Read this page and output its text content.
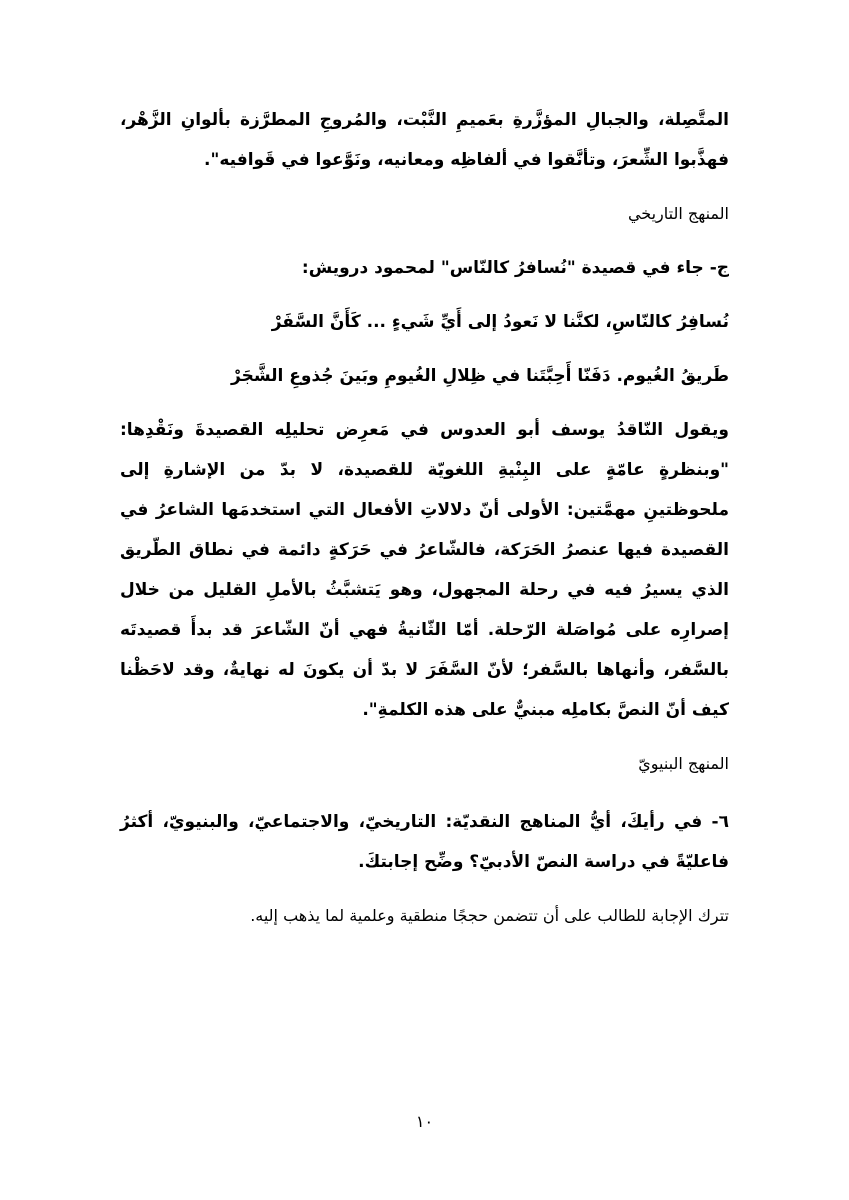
المتَّصِلة، والجبالِ المؤزَّرةِ بعَميمِ النَّبْت، والمُروجِ المطرَّزة بألوانِ الزَّهْر، فهذَّبوا الشِّعرَ، وتأنَّقوا في ألفاظِه ومعانيه، ونَوَّعوا في قَوافيه".

المنهج التاريخي

ج- جاء في قصيدة "نُسافرُ كالنّاس" لمحمود درويش:

نُسافِرُ كالنّاسِ، لكنَّنا لا نَعودُ إلى أَيِّ شَيءٍ ... كَأَنَّ السَّفَرْ

طَريقُ الغُيوم. دَفَنّا أَحِبَّتَنا في ظِلالِ الغُيومِ وبَينَ جُذوعِ الشَّجَرْ

ويقول النّاقدُ يوسف أبو العدوس في مَعرِض تحليلِه القصيدةَ ونَقْدِها: "وبنظرةٍ عامّةٍ على البِنْيةِ اللغويّة للقصيدة، لا بدّ من الإشارةِ إلى ملحوظتينِ مهمَّتين: الأولى أنّ دلالاتِ الأفعال التي استخدمَها الشاعرُ في القصيدة فيها عنصرُ الحَرَكة، فالشّاعرُ في حَرَكةٍ دائمة في نطاق الطّريق الذي يسيرُ فيه في رحلة المجهول، وهو يَتشبَّثُ بالأملِ القليل من خلال إصرارِه على مُواصَلة الرّحلة. أمّا الثّانيةُ فهي أنّ الشّاعرَ قد بدأَ قصيدتَه بالسَّفر، وأنهاها بالسَّفر؛ لأنّ السَّفَرَ لا بدّ أن يكونَ له نهايةٌ، وقد لاحَظْنا كيف أنّ النصَّ بكاملِه مبنيٌّ على هذه الكلمةِ".

المنهج البنيويّ

٦- في رأيكَ، أيُّ المناهج النقديّة: التاريخيّ، والاجتماعيّ، والبنيويّ، أكثرُ فاعليّةً في دراسة النصّ الأدبيّ؟ وضِّح إجابتكَ.

تترك الإجابة للطالب على أن تتضمن حججًا منطقية وعلمية لما يذهب إليه.

١٠
